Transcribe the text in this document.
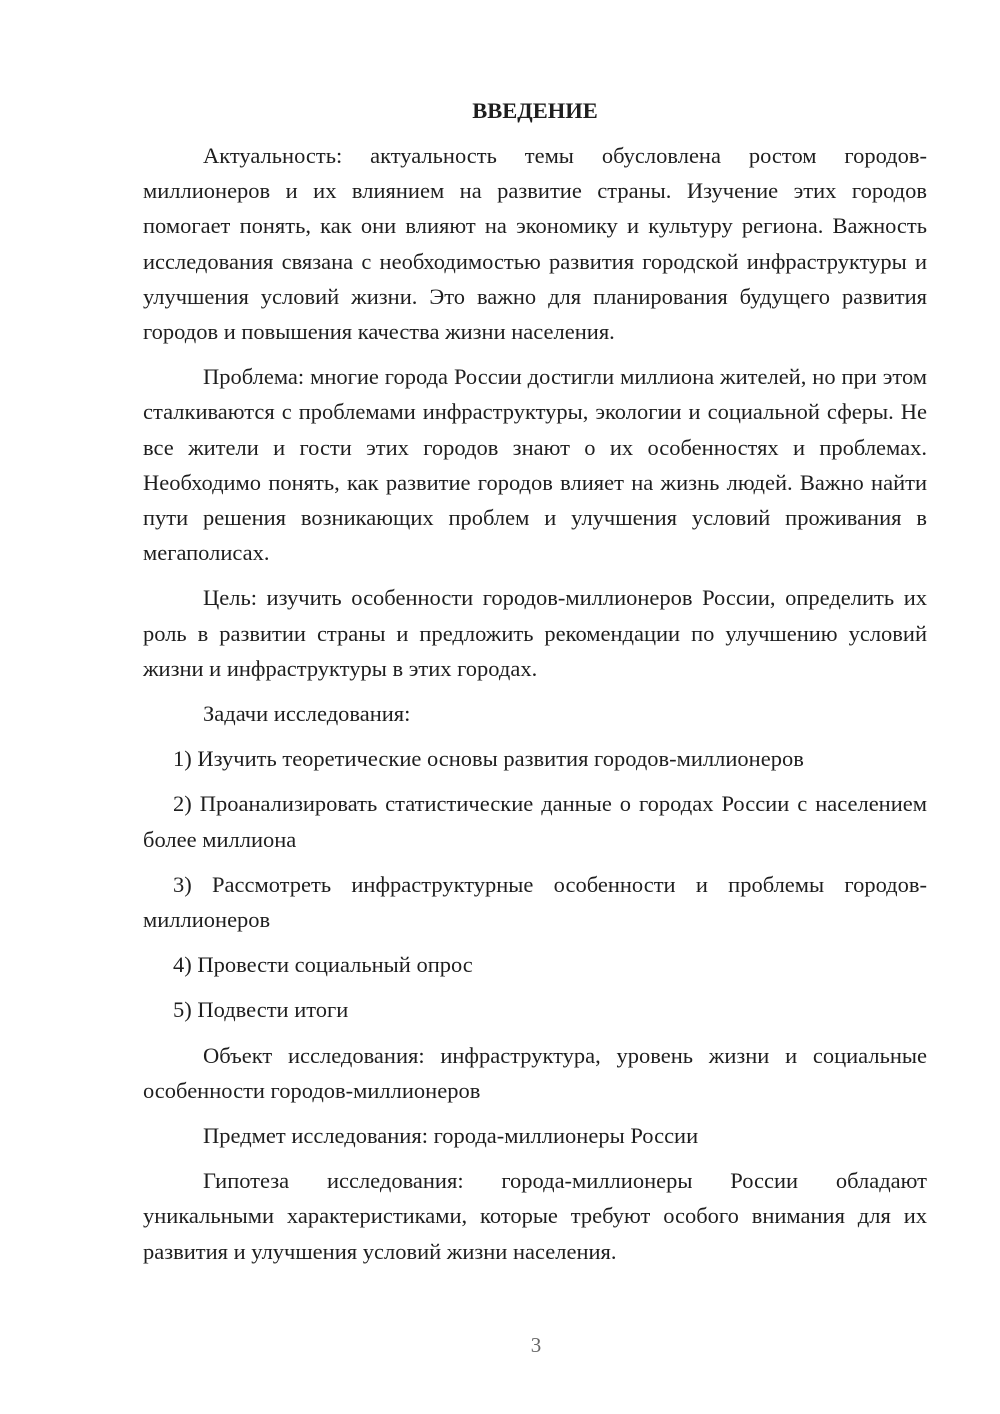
ВВЕДЕНИЕ

Актуальность: актуальность темы обусловлена ростом городов-миллионеров и их влиянием на развитие страны. Изучение этих городов помогает понять, как они влияют на экономику и культуру региона. Важность исследования связана с необходимостью развития городской инфраструктуры и улучшения условий жизни. Это важно для планирования будущего развития городов и повышения качества жизни населения.

Проблема: многие города России достигли миллиона жителей, но при этом сталкиваются с проблемами инфраструктуры, экологии и социальной сферы. Не все жители и гости этих городов знают о их особенностях и проблемах. Необходимо понять, как развитие городов влияет на жизнь людей. Важно найти пути решения возникающих проблем и улучшения условий проживания в мегаполисах.

Цель: изучить особенности городов-миллионеров России, определить их роль в развитии страны и предложить рекомендации по улучшению условий жизни и инфраструктуры в этих городах.

Задачи исследования:

1) Изучить теоретические основы развития городов-миллионеров

2) Проанализировать статистические данные о городах России с населением более миллиона

3) Рассмотреть инфраструктурные особенности и проблемы городов-миллионеров

4) Провести социальный опрос

5) Подвести итоги

Объект исследования: инфраструктура, уровень жизни и социальные особенности городов-миллионеров

Предмет исследования: города-миллионеры России

Гипотеза исследования: города-миллионеры России обладают уникальными характеристиками, которые требуют особого внимания для их развития и улучшения условий жизни населения.

3
